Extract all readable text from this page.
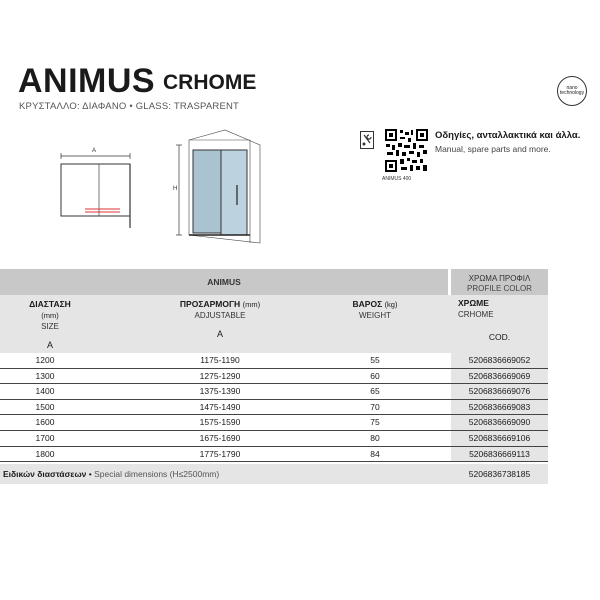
ANIMUS CRHOME
ΚΡΥΣΤΑΛΛΟ: ΔΙΑΦΑΝΟ • GLASS: TRASPARENT
nano
technology
ANIMUS 400
Οδηγίες, ανταλλακτικά και άλλα.
Manual, spare parts and more.
A
H
ANIMUS	ΧΡΩΜΑ ΠΡΟΦΙΛ
PROFILE COLOR
ΔΙΑΣΤΑΣΗ (mm)
SIZE
A
ΠΡΟΣΑΡΜΟΓΗ (mm)
ADJUSTABLE
A
ΒΑΡΟΣ (kg)
WEIGHT
ΧΡΩΜΕ
CRHOME
COD.
1200	1175-1190	55	5206836669052
1300	1275-1290	60	5206836669069
1400	1375-1390	65	5206836669076
1500	1475-1490	70	5206836669083
1600	1575-1590	75	5206836669090
1700	1675-1690	80	5206836669106
1800	1775-1790	84	5206836669113
Ειδικών διαστάσεων • Special dimensions (H≤2500mm)	5206836738185
